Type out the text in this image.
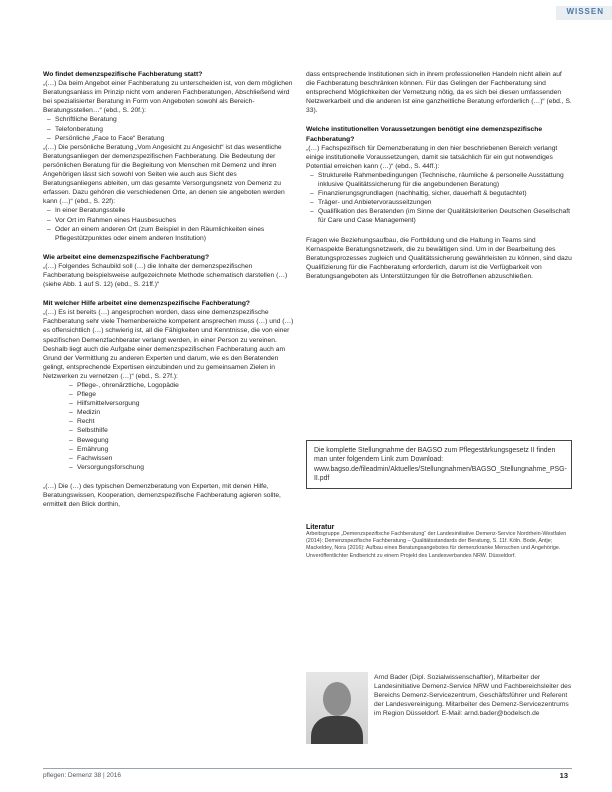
WISSEN

Wo findet demenzspezifische Fachberatung statt?

„(…) Da beim Angebot einer Fachberatung zu unterscheiden ist, von dem möglichen Beratungsanlass im Prinzip nicht vom anderen Fachberatungen, Abschließend wird bei spezialisierter Beratung in Form von Angeboten sowohl als Bereich-Beratungsstellen…“ (ebd., S. 20f.):

– Schriftliche Beratung
– Telefonberatung
– Persönliche „Face to Face“ Beratung

„(…) Die persönliche Beratung „Vom Angesicht zu Angesicht“ ist das wesentliche Beratungsanliegen der demenzspezifischen Fachberatung. Die Bedeutung der persönlichen Beratung für die Begleitung von Menschen mit Demenz und ihren Angehörigen lässt sich sowohl von Seiten wie auch aus Sicht des Beratungsanliegens ableiten, um das gesamte Versorgungsnetz von Demenz zu erfassen. Dazu gehören die verschiedenen Orte, an denen sie angeboten werden kann (…)“ (ebd., S. 22f):

– In einer Beratungsstelle
– Vor Ort im Rahmen eines Hausbesuches
– Oder an einem anderen Ort (zum Beispiel in den Räumlichkeiten eines Pflegestützpunktes oder einem anderen Institution)

Wie arbeitet eine demenzspezifische Fachberatung?

„(…) Folgendes Schaubild soll (…) die Inhalte der demenzspezifischen Fachberatung beispielsweise aufgezeichnete Methode schematisch darstellen (…) (siehe Abb. 1 auf S. 12) (ebd., S. 21ff.)“

Mit welcher Hilfe arbeitet eine demenzspezifische Fachberatung?

„(…) Es ist bereits (…) angesprochen worden, dass eine demenzspezifische Fachberatung sehr viele Themenbereiche kompetent ansprechen muss (…) und (…) es offensichtlich (…) schwierig ist, all die Fähigkeiten und Kenntnisse, die von einer spezifischen Demenzfachberater verlangt werden, in einer Person zu vereinen. Deshalb liegt auch die Aufgabe einer demenzspezifischen Fachberatung auch am Grund der Vermittlung zu anderen Experten und darum, wie es den Beratenden gelingt, entsprechende Expertisen einzubinden und zu gemeinsamen Zielen in Netzwerken zu vernetzen (…)“ (ebd., S. 27f.):

– Pflege-, ohrenärztliche, Logopädie
– Pflege
– Hilfsmittelversorgung
– Medizin
– Recht
– Selbsthilfe
– Bewegung
– Ernährung
– Fachwissen
– Versorgungsforschung

„(…) Die (…) des typischen Demenzberatung von Experten, mit denen Hilfe, Beratungswissen, Kooperation, demenzspezifische Fachberatung agieren sollte, ermittelt den Blick dorthin,

dass entsprechende Institutionen sich in ihrem professionellen Handeln nicht allein auf die Fachberatung beschränken können. Für das Gelingen der Fachberatung sind entsprechend Möglichkeiten der Vernetzung nötig, da es sich bei diesen umfassenden Netzwerkarbeit und die anderen Ist eine ganzheitliche Beratung erforderlich (…)“ (ebd., S. 33).

Welche institutionellen Voraussetzungen benötigt eine demenzspezifische Fachberatung?

„(…) Fachspezifisch für Demenzberatung in den hier beschriebenen Bereich verlangt einige institutionelle Voraussetzungen, damit sie tatsächlich für ein gut notwendiges Potential erreichen kann (…)“ (ebd., S. 44ff.):

– Strukturelle Rahmenbedingungen (Technische, räumliche & personelle Ausstattung inklusive Qualitätssicherung für die angebundenen Beratung)
– Finanzierungsgrundlagen (nachhaltig, sicher, dauerhaft & begutachtet)
– Träger- und Anbietervorausseitzungen
– Qualifikation des Beratenden (im Sinne der Qualitätskriterien Deutschen Gesellschaft für Care und Case Management)

Fragen wie Beziehungsaufbau, die Fortbildung und die Haltung in Teams sind Kernaspekte Beratungsnetzwerk, die zu bewältigen sind. Um in der Bearbeitung des Beratungsprozesses zugleich und Qualitätssicherung gewährleisten zu können, sind dazu Qualifizierung für die Fachberatung erforderlich, darum ist die Verfügbarkeit von Beratungsangeboten als Unterstützungen für die Betroffenen abzuschließen.

Die komplette Stellungnahme der BAGSO zum Pflegestärkungsgesetz II finden man unter folgendem Link zum Download: www.bagso.de/fileadmin/Aktuelles/Stellungnahmen/BAGSO_Stellungnahme_PSG-II.pdf
Literatur
Arbeitsgruppe „Demenzspezifische Fachberatung“ der Landesinitiative Demenz-Service Nordrhein-Westfalen (2014): Demenzspezifische Fachberatung – Qualitätsstandards der Beratung, S. 11f. Köln. Bode, Antje; Mackeldey, Nora (2016): Aufbau eines Beratungsangebotes für demenzkranke Menschen und Angehörige. Unveröffentlichter Endbericht zu einem Projekt des Landesverbandes NRW. Düsseldorf.
Arnd Bader (Dipl. Sozialwissenschaftler), Mitarbeiter der Landesinitiative Demenz-Service NRW und Fachbereichsleiter des Bereichs Demenz-Servicezentrum, Geschäftsführer und Referent der Landesvereinigung. Mitarbeiter des Demenz-Servicezentrums im Region Düsseldorf. E-Mail: arnd.bader@bodelsch.de
pflegen: Demenz 38 | 2016	13
